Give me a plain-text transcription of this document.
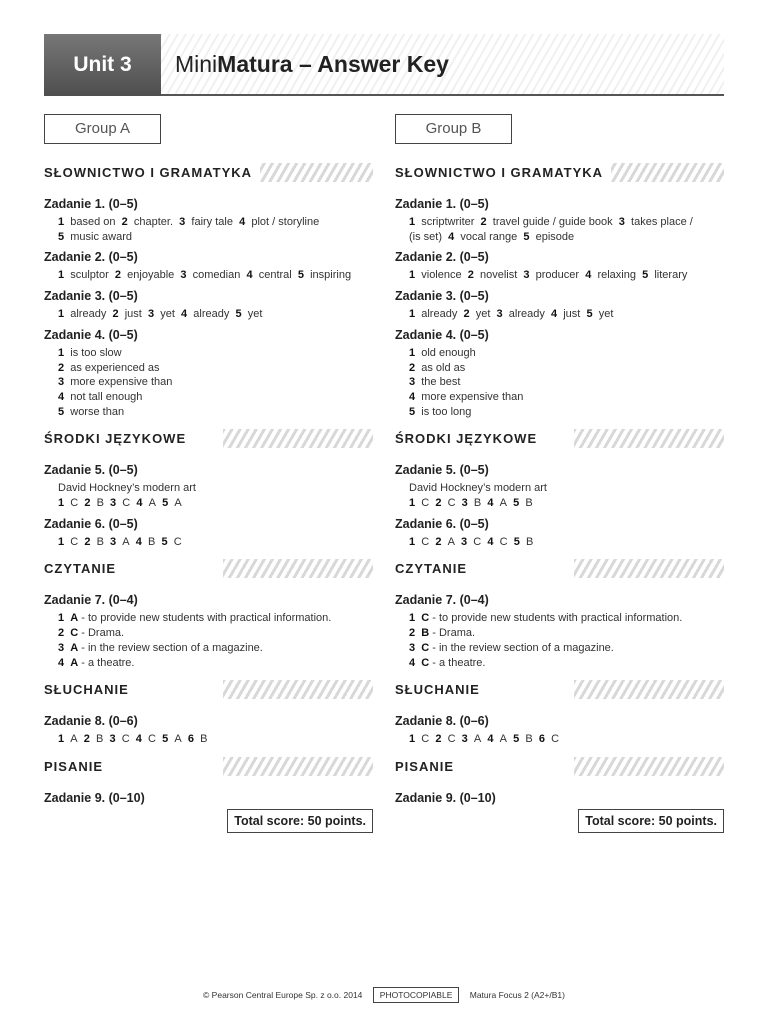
Unit 3	MiniMatura – Answer Key
Group A
SŁOWNICTWO I GRAMATYKA
Zadanie 1. (0–5)
1 based on 2 chapter. 3 fairy tale 4 plot / storyline
5 music award
Zadanie 2. (0–5)
1 sculptor 2 enjoyable 3 comedian 4 central 5 inspiring
Zadanie 3. (0–5)
1 already 2 just 3 yet 4 already 5 yet
Zadanie 4. (0–5)
1 is too slow
2 as experienced as
3 more expensive than
4 not tall enough
5 worse than
ŚRODKI JĘZYKOWE
Zadanie 5. (0–5)
David Hockney’s modern art
1 C 2 B 3 C 4 A 5 A
Zadanie 6. (0–5)
1 C 2 B 3 A 4 B 5 C
CZYTANIE
Zadanie 7. (0–4)
1 A - to provide new students with practical information.
2 C - Drama.
3 A - in the review section of a magazine.
4 A - a theatre.
SŁUCHANIE
Zadanie 8. (0–6)
1 A 2 B 3 C 4 C 5 A 6 B
PISANIE
Zadanie 9. (0–10)
Total score: 50 points.
Group B
SŁOWNICTWO I GRAMATYKA
Zadanie 1. (0–5)
1 scriptwriter 2 travel guide / guide book 3 takes place /
(is set) 4 vocal range 5 episode
Zadanie 2. (0–5)
1 violence 2 novelist 3 producer 4 relaxing 5 literary
Zadanie 3. (0–5)
1 already 2 yet 3 already 4 just 5 yet
Zadanie 4. (0–5)
1 old enough
2 as old as
3 the best
4 more expensive than
5 is too long
ŚRODKI JĘZYKOWE
Zadanie 5. (0–5)
David Hockney’s modern art
1 C 2 C 3 B 4 A 5 B
Zadanie 6. (0–5)
1 C 2 A 3 C 4 C 5 B
CZYTANIE
Zadanie 7. (0–4)
1 C - to provide new students with practical information.
2 B - Drama.
3 C - in the review section of a magazine.
4 C - a theatre.
SŁUCHANIE
Zadanie 8. (0–6)
1 C 2 C 3 A 4 A 5 B 6 C
PISANIE
Zadanie 9. (0–10)
Total score: 50 points.
© Pearson Central Europe Sp. z o.o. 2014 PHOTOCOPIABLE Matura Focus 2 (A2+/B1)
